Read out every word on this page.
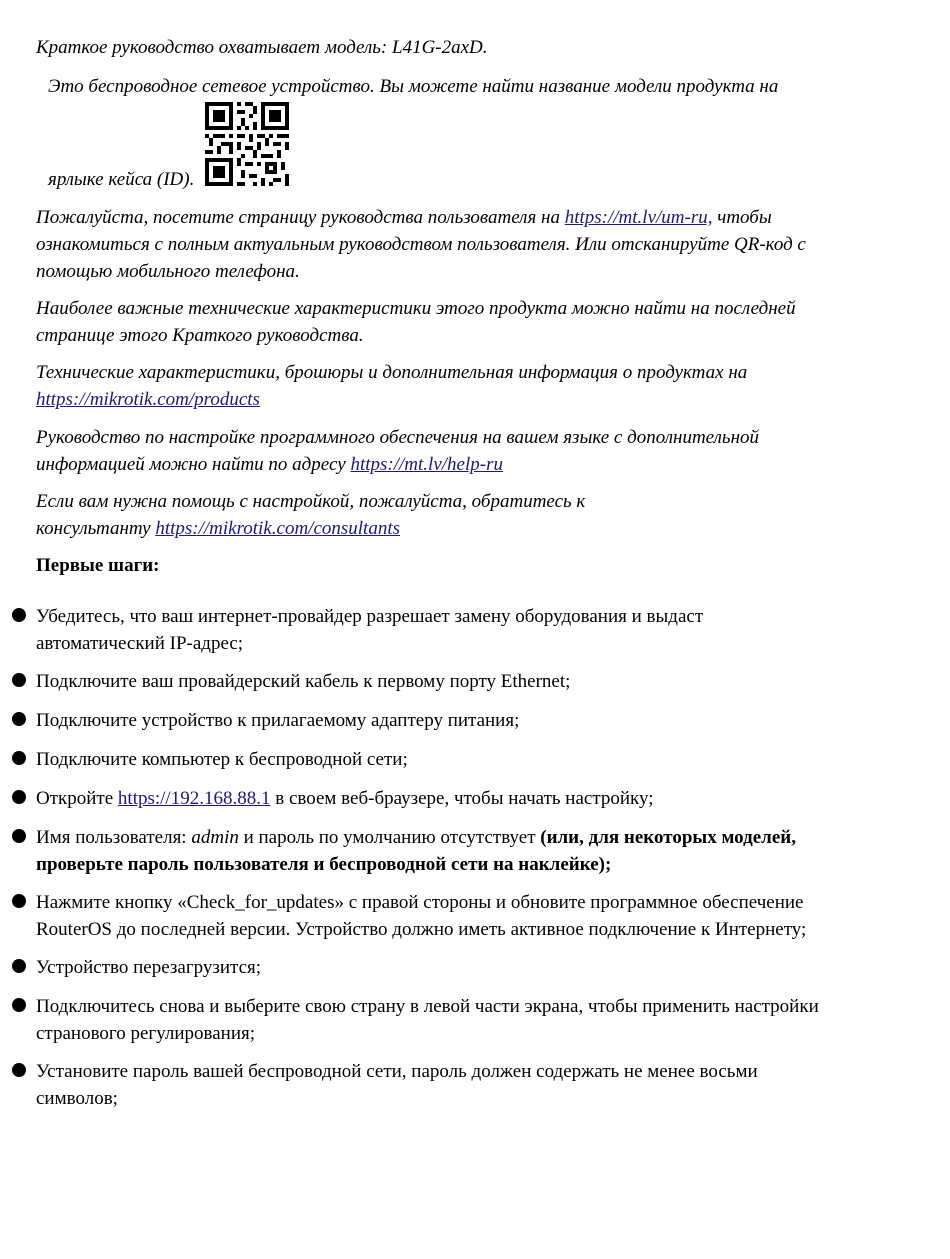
Краткое руководство охватывает модель: L41G-2axD.

Это беспроводное сетевое устройство. Вы можете найти название модели продукта на

ярлыке кейса (ID).

Пожалуйста, посетите страницу руководства пользователя на https://mt.lv/um-ru, чтобы ознакомиться с полным актуальным руководством пользователя. Или отсканируйте QR-код с помощью мобильного телефона.

Наиболее важные технические характеристики этого продукта можно найти на последней странице этого Краткого руководства.

Технические характеристики, брошюры и дополнительная информация о продуктах на https://mikrotik.com/products

Руководство по настройке программного обеспечения на вашем языке с дополнительной информацией можно найти по адресу https://mt.lv/help-ru

Если вам нужна помощь с настройкой, пожалуйста, обратитесь к консультанту https://mikrotik.com/consultants

Первые шаги:
Убедитесь, что ваш интернет-провайдер разрешает замену оборудования и выдаст автоматический IP-адрес;
Подключите ваш провайдерский кабель к первому порту Ethernet;
Подключите устройство к прилагаемому адаптеру питания;
Подключите компьютер к беспроводной сети;
Откройте https://192.168.88.1 в своем веб-браузере, чтобы начать настройку;
Имя пользователя: admin и пароль по умолчанию отсутствует (или, для некоторых моделей, проверьте пароль пользователя и беспроводной сети на наклейке);
Нажмите кнопку «Check_for_updates» с правой стороны и обновите программное обеспечение RouterOS до последней версии. Устройство должно иметь активное подключение к Интернету;
Устройство перезагрузится;
Подключитесь снова и выберите свою страну в левой части экрана, чтобы применить настройки странового регулирования;
Установите пароль вашей беспроводной сети, пароль должен содержать не менее восьми символов;
